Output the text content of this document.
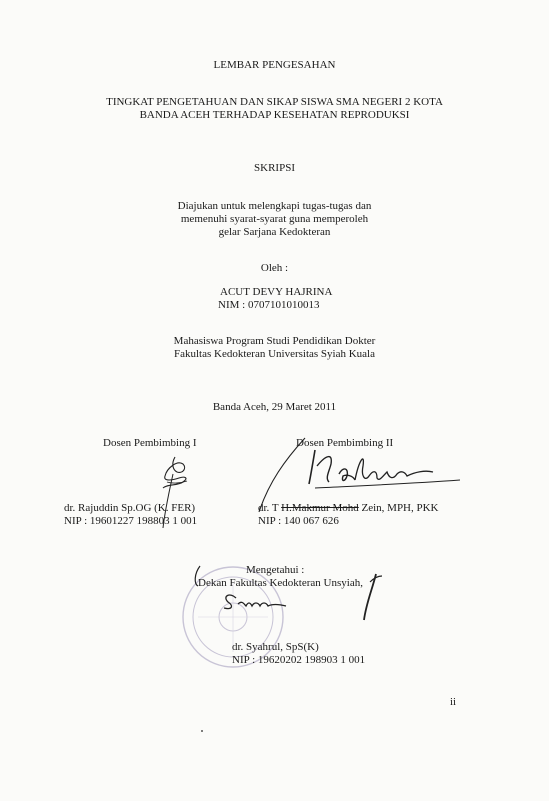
LEMBAR PENGESAHAN
TINGKAT PENGETAHUAN DAN SIKAP SISWA SMA NEGERI 2 KOTA
BANDA ACEH TERHADAP KESEHATAN REPRODUKSI
SKRIPSI
Diajukan untuk melengkapi tugas-tugas dan
memenuhi syarat-syarat guna memperoleh
gelar Sarjana Kedokteran
Oleh :
ACUT DEVY HAJRINA
NIM : 0707101010013
Mahasiswa Program Studi Pendidikan Dokter
Fakultas Kedokteran Universitas Syiah Kuala
Banda Aceh, 29 Maret 2011
Dosen Pembimbing I
dr. Rajuddin Sp.OG (K. FER)
NIP : 19601227 198803 1 001
Dosen Pembimbing II
dr. T H.Makmur Mohd Zein, MPH, PKK
NIP : 140 067 626
Mengetahui :
Dekan Fakultas Kedokteran Unsyiah,
dr. Syahrul, SpS(K)
NIP : 19620202 198903 1 001
ii
